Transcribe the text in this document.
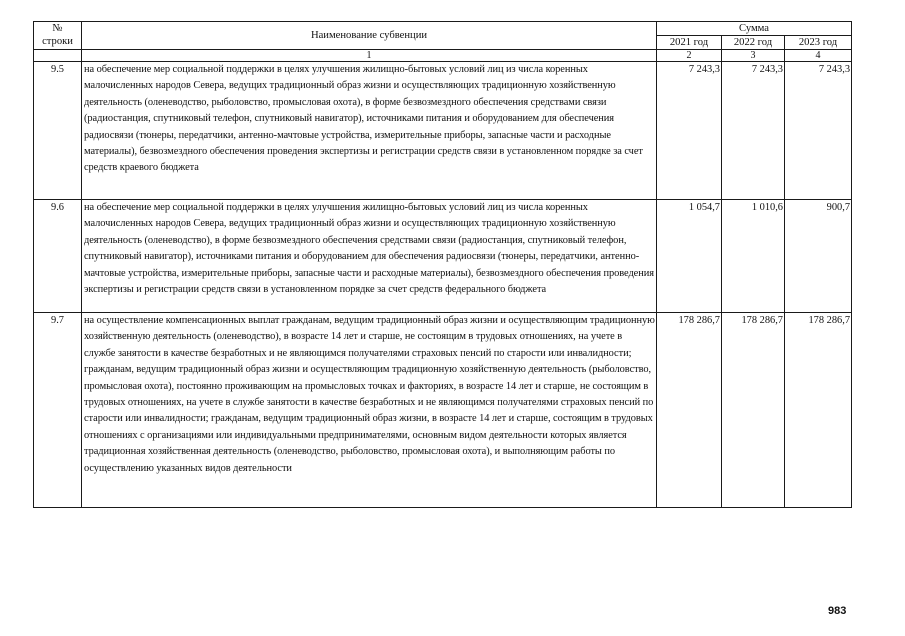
№ строки	Наименование субвенции	Сумма		
		2021 год	2022 год	2023 год
	1	2	3	4
9.5	на обеспечение мер социальной поддержки в целях улучшения жилищно-бытовых условий лиц из числа коренных малочисленных народов Севера, ведущих традиционный образ жизни и осуществляющих традиционную хозяйственную деятельность (оленеводство, рыболовство, промысловая охота), в форме безвозмездного обеспечения средствами связи (радиостанция, спутниковый телефон, спутниковый навигатор), источниками питания и оборудованием для обеспечения радиосвязи (тюнеры, передатчики, антенно-мачтовые устройства, измерительные приборы, запасные части и расходные материалы), безвозмездного обеспечения проведения экспертизы и регистрации средств связи в установленном порядке за счет средств краевого бюджета	7 243,3	7 243,3	7 243,3
9.6	на обеспечение мер социальной поддержки в целях улучшения жилищно-бытовых условий лиц из числа коренных малочисленных народов Севера, ведущих традиционный образ жизни и осуществляющих традиционную хозяйственную деятельность (оленеводство), в форме безвозмездного обеспечения средствами связи (радиостанция, спутниковый телефон, спутниковый навигатор), источниками питания и оборудованием для обеспечения радиосвязи (тюнеры, передатчики, антенно-мачтовые устройства, измерительные приборы, запасные части и расходные материалы), безвозмездного обеспечения проведения экспертизы и регистрации средств связи в установленном порядке за счет средств федерального бюджета	1 054,7	1 010,6	900,7
9.7	на осуществление компенсационных выплат гражданам, ведущим традиционный образ жизни и осуществляющим традиционную хозяйственную деятельность (оленеводство), в возрасте 14 лет и старше, не состоящим в трудовых отношениях, на учете в службе занятости в качестве безработных и не являющимся получателями страховых пенсий по старости или инвалидности; гражданам, ведущим традиционный образ жизни и осуществляющим традиционную хозяйственную деятельность (рыболовство, промысловая охота), постоянно проживающим на промысловых точках и факториях, в возрасте 14 лет и старше, не состоящим в трудовых отношениях, на учете в службе занятости в качестве безработных и не являющимся получателями страховых пенсий по старости или инвалидности; гражданам, ведущим традиционный образ жизни, в возрасте 14 лет и старше, состоящим в трудовых отношениях с организациями или индивидуальными предпринимателями, основным видом деятельности которых является традиционная хозяйственная деятельность (оленеводство, рыболовство, промысловая охота), и выполняющим работы по осуществлению указанных видов деятельности	178 286,7	178 286,7	178 286,7
983
